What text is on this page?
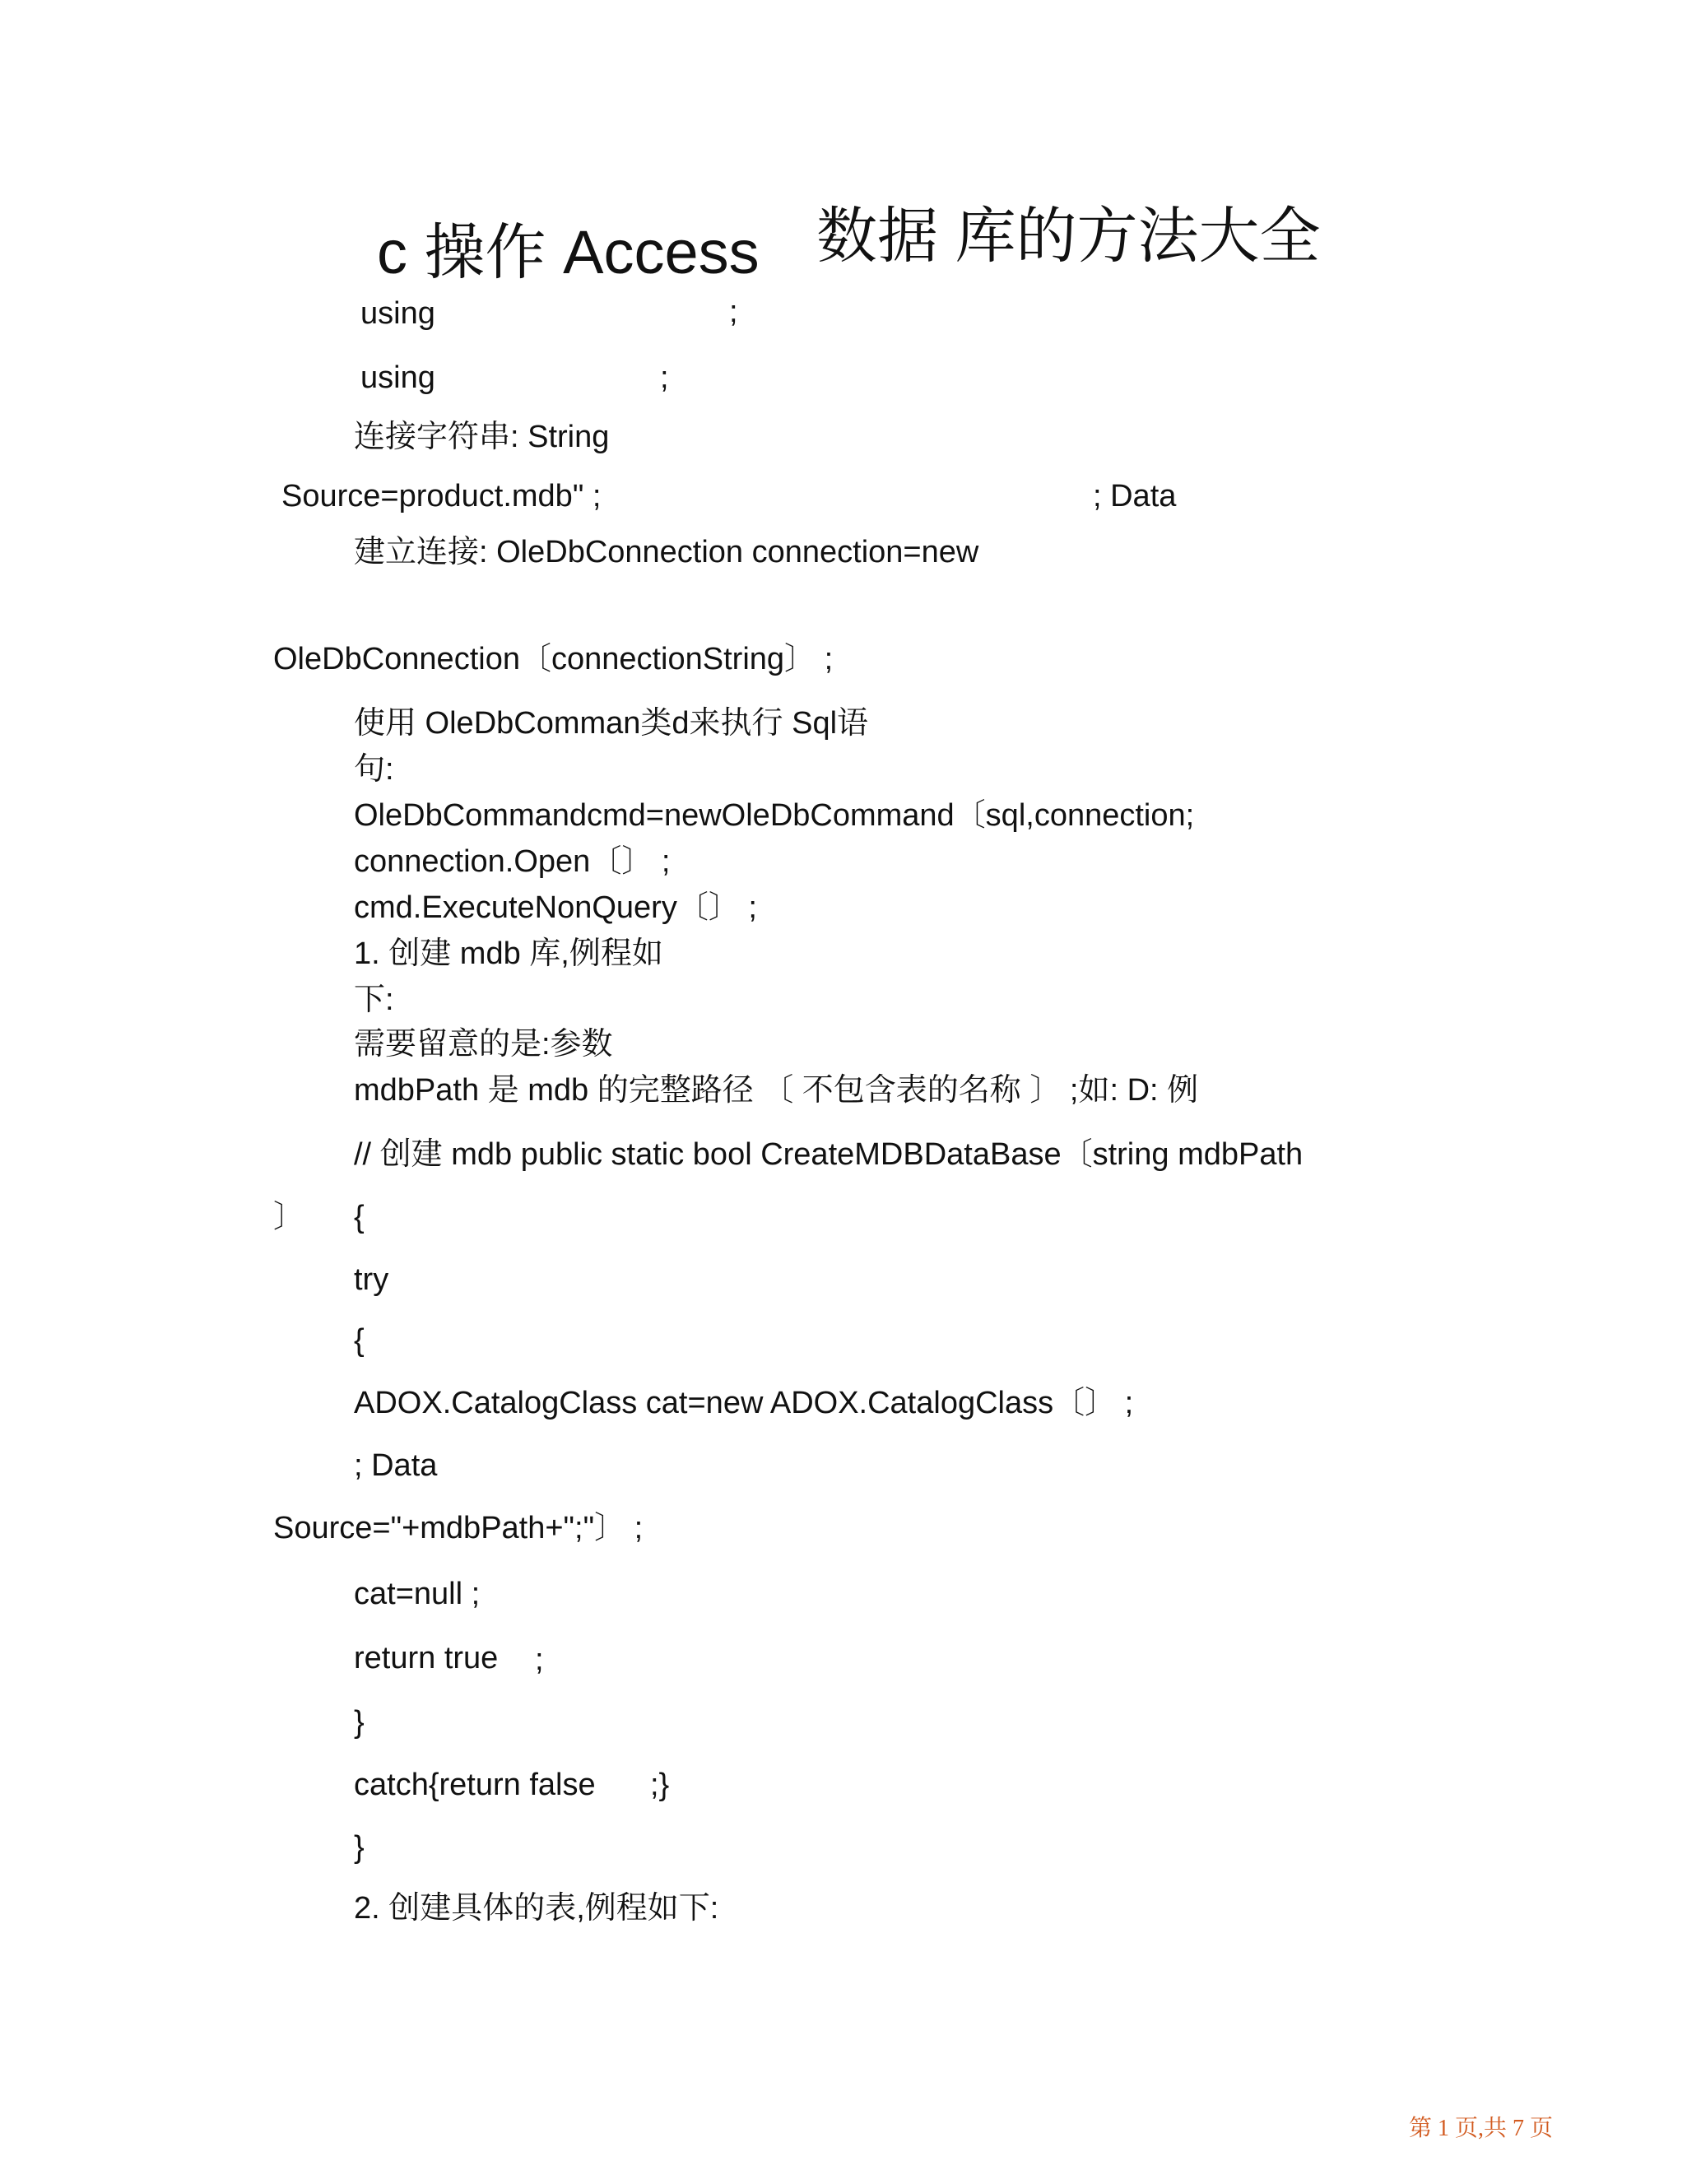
c 操作 Access 数据 库的方法大全
using	;
using	;
连接字符串: String
Source=product.mdb" ;	; Data
建立连接: OleDbConnection connection=new
OleDbConnection〔connectionString〕 ;
使用 OleDbComman类d来执行 Sql语
句:
OleDbCommandcmd=newOleDbCommand〔sql,connection;
connection.Open〔〕 ;
cmd.ExecuteNonQuery〔〕 ;
1. 创建 mdb 库,例程如
下:
需要留意的是:参数
mdbPath 是 mdb 的完整路径 〔 不包含表的名称 〕 ;如: D: 例
// 创建 mdb public static bool CreateMDBDataBase〔string mdbPath
〕 {
try
{
ADOX.CatalogClass cat=new ADOX.CatalogClass〔〕 ;
; Data
Source="+mdbPath+";"〕 ;
cat=null ;
return true ;
}
catch{return false ;}
}
2. 创建具体的表,例程如下:
第 1 页,共 7 页
